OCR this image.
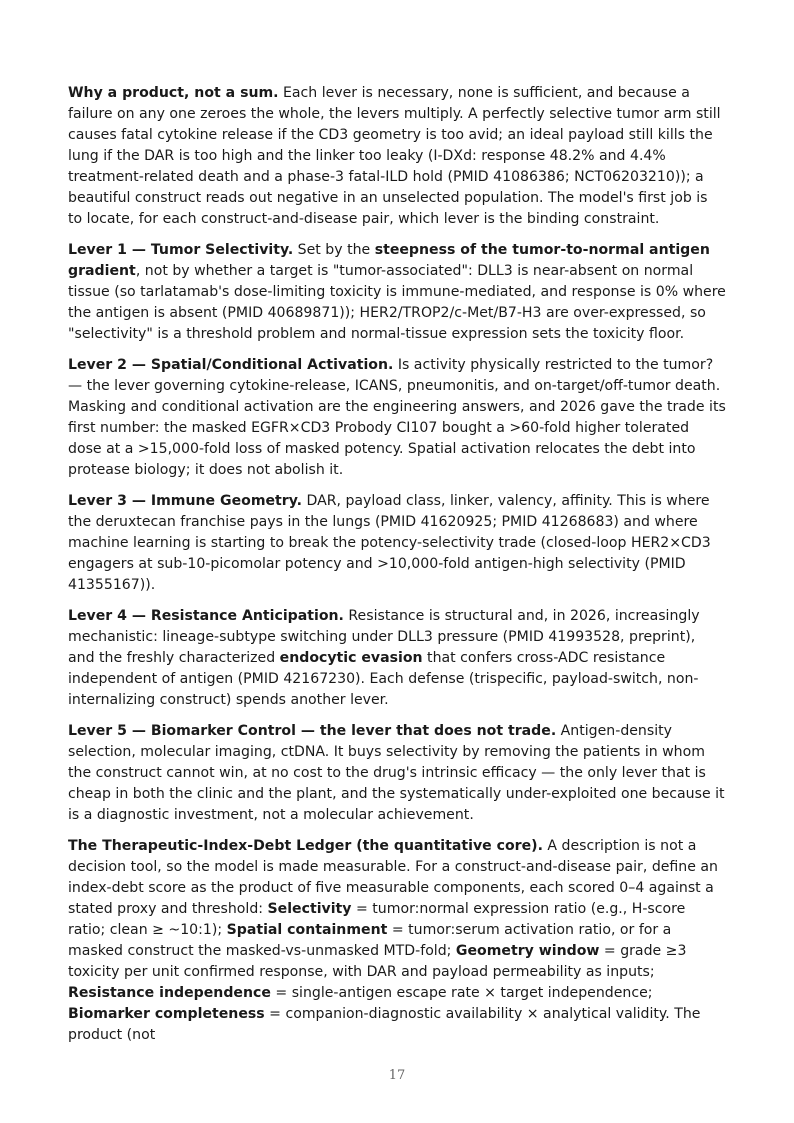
Why a product, not a sum. Each lever is necessary, none is sufficient, and because a failure on any one zeroes the whole, the levers multiply. A perfectly selective tumor arm still causes fatal cytokine release if the CD3 geometry is too avid; an ideal payload still kills the lung if the DAR is too high and the linker too leaky (I-DXd: response 48.2% and 4.4% treatment-related death and a phase-3 fatal-ILD hold (PMID 41086386; NCT06203210)); a beautiful construct reads out negative in an unselected population. The model's first job is to locate, for each construct-and-disease pair, which lever is the binding constraint.

Lever 1 — Tumor Selectivity. Set by the steepness of the tumor-to-normal antigen gradient, not by whether a target is "tumor-associated": DLL3 is near-absent on normal tissue (so tarlatamab's dose-limiting toxicity is immune-mediated, and response is 0% where the antigen is absent (PMID 40689871)); HER2/TROP2/c-Met/B7-H3 are over-expressed, so "selectivity" is a threshold problem and normal-tissue expression sets the toxicity floor.

Lever 2 — Spatial/Conditional Activation. Is activity physically restricted to the tumor? — the lever governing cytokine-release, ICANS, pneumonitis, and on-target/off-tumor death. Masking and conditional activation are the engineering answers, and 2026 gave the trade its first number: the masked EGFR×CD3 Probody CI107 bought a >60-fold higher tolerated dose at a >15,000-fold loss of masked potency. Spatial activation relocates the debt into protease biology; it does not abolish it.

Lever 3 — Immune Geometry. DAR, payload class, linker, valency, affinity. This is where the deruxtecan franchise pays in the lungs (PMID 41620925; PMID 41268683) and where machine learning is starting to break the potency-selectivity trade (closed-loop HER2×CD3 engagers at sub-10-picomolar potency and >10,000-fold antigen-high selectivity (PMID 41355167)).

Lever 4 — Resistance Anticipation. Resistance is structural and, in 2026, increasingly mechanistic: lineage-subtype switching under DLL3 pressure (PMID 41993528, preprint), and the freshly characterized endocytic evasion that confers cross-ADC resistance independent of antigen (PMID 42167230). Each defense (trispecific, payload-switch, non-internalizing construct) spends another lever.

Lever 5 — Biomarker Control — the lever that does not trade. Antigen-density selection, molecular imaging, ctDNA. It buys selectivity by removing the patients in whom the construct cannot win, at no cost to the drug's intrinsic efficacy — the only lever that is cheap in both the clinic and the plant, and the systematically under-exploited one because it is a diagnostic investment, not a molecular achievement.

The Therapeutic-Index-Debt Ledger (the quantitative core). A description is not a decision tool, so the model is made measurable. For a construct-and-disease pair, define an index-debt score as the product of five measurable components, each scored 0–4 against a stated proxy and threshold: Selectivity = tumor:normal expression ratio (e.g., H-score ratio; clean ≥ ~10:1); Spatial containment = tumor:serum activation ratio, or for a masked construct the masked-vs-unmasked MTD-fold; Geometry window = grade ≥3 toxicity per unit confirmed response, with DAR and payload permeability as inputs; Resistance independence = single-antigen escape rate × target independence; Biomarker completeness = companion-diagnostic availability × analytical validity. The product (not

17
